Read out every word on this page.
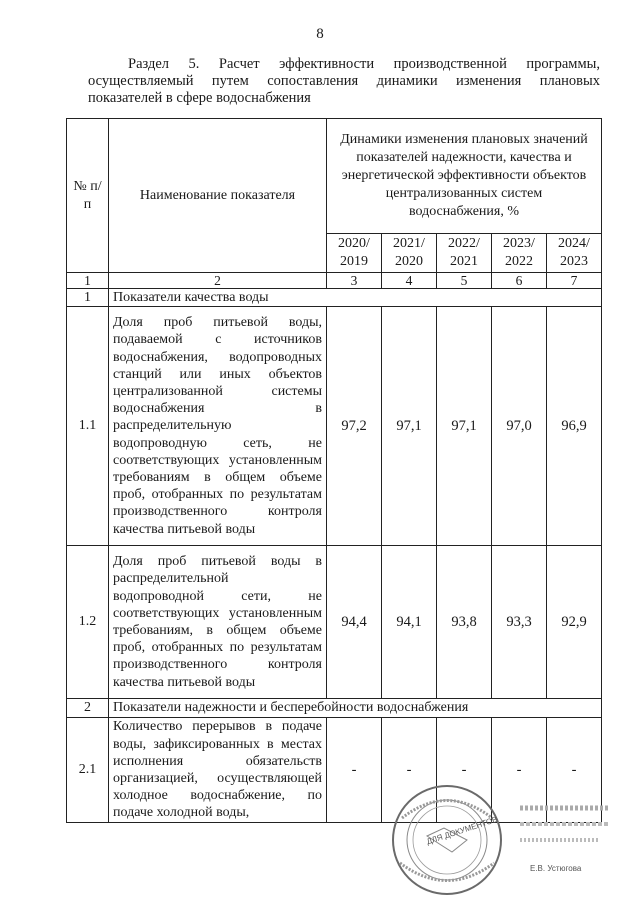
8
Раздел 5. Расчет эффективности производственной программы, осуществляемый путем сопоставления динамики изменения плановых показателей в сфере водоснабжения
№ п/п	Наименование показателя	Динамики изменения плановых значений показателей надежности, качества и энергетической эффективности объектов централизованных систем водоснабжения, %				
		2020/ 2019	2021/ 2020	2022/ 2021	2023/ 2022	2024/ 2023
1	2	3	4	5	6	7
1	Показатели качества воды					
1.1	Доля проб питьевой воды, подаваемой с источников водоснабжения, водопроводных станций или иных объектов централизованной системы водоснабжения в распределительную водопроводную сеть, не соответствующих установленным требованиям в общем объеме проб, отобранных по результатам производственного контроля качества питьевой воды	97,2	97,1	97,1	97,0	96,9
1.2	Доля проб питьевой воды в распределительной водопроводной сети, не соответствующих установленным требованиям, в общем объеме проб, отобранных по результатам производственного контроля качества питьевой воды	94,4	94,1	93,8	93,3	92,9
2	Показатели надежности и бесперебойности водоснабжения					
2.1	Количество перерывов в подаче воды, зафиксированных в местах исполнения обязательств организацией, осуществляющей холодное водоснабжение, по подаче холодной воды,	-	-	-	-	-
ДЛЯ ДОКУМЕНТОВ
Е.В. Устюгова
